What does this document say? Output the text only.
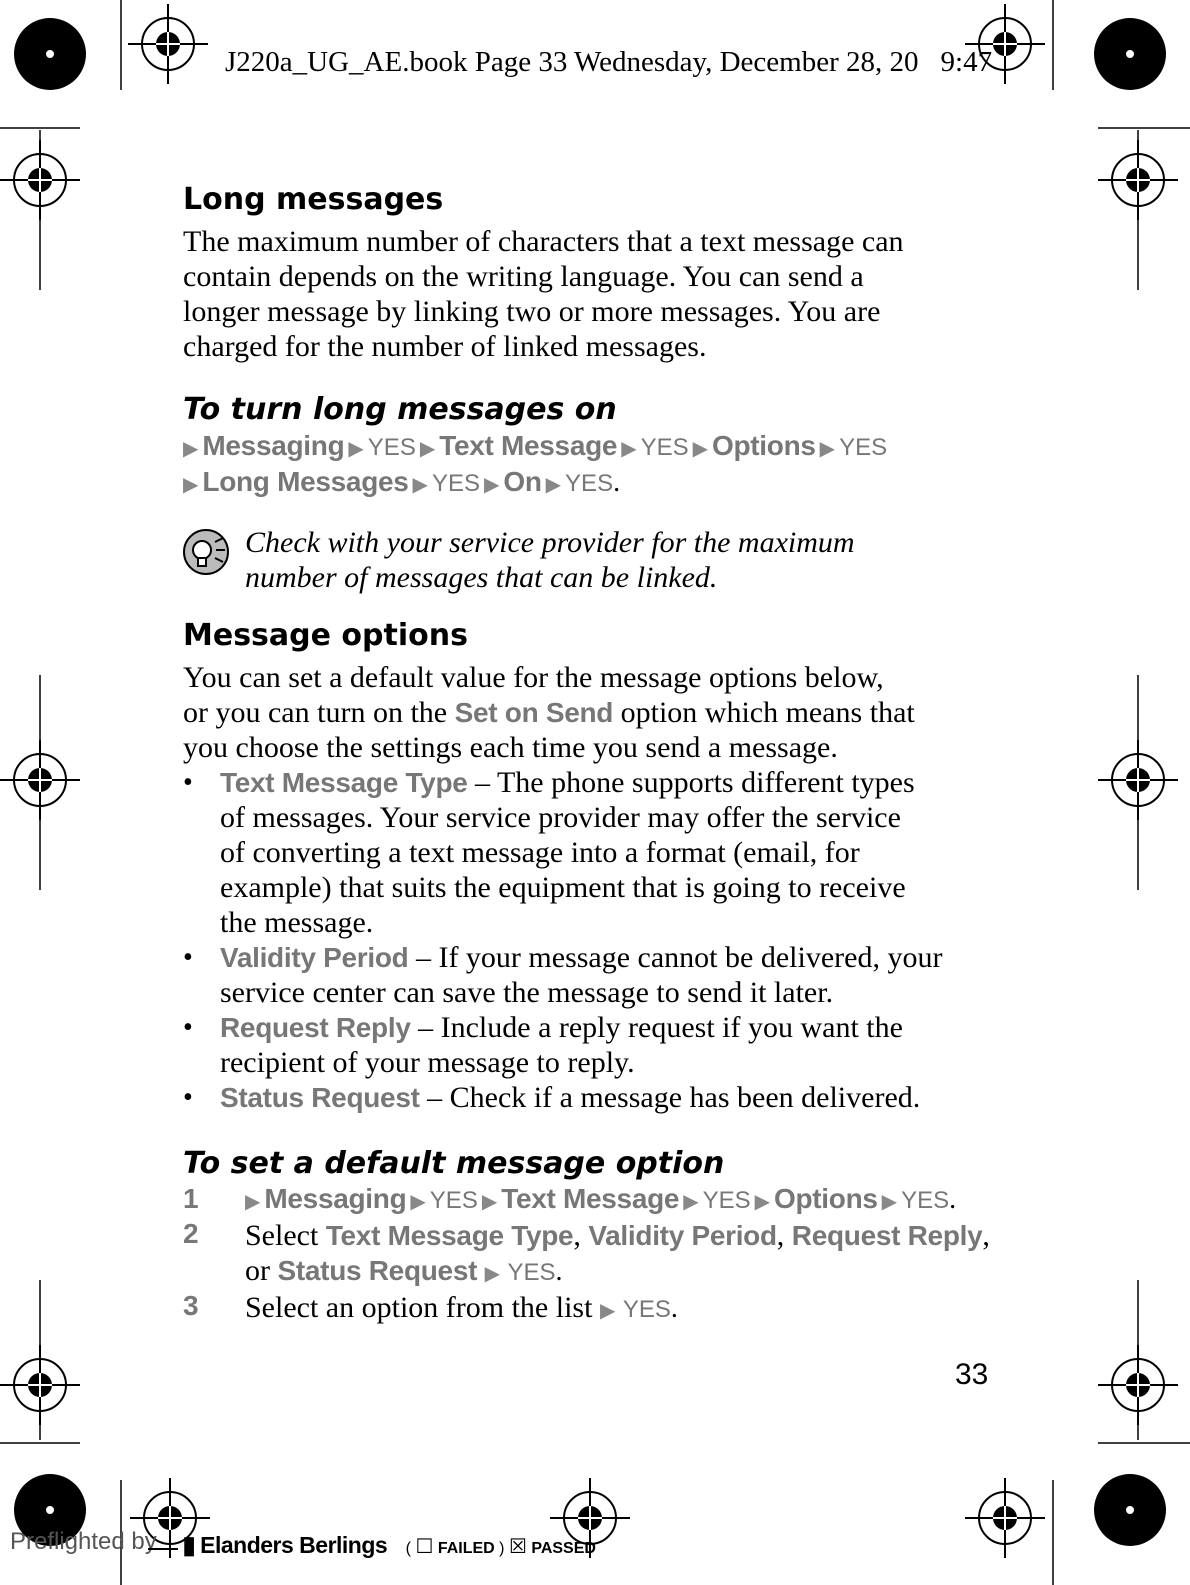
J220a_UG_AE.book Page 33 Wednesday, December 28, 20 9:47
Long messages
The maximum number of characters that a text message can
contain depends on the writing language. You can send a
longer message by linking two or more messages. You are
charged for the number of linked messages.
To turn long messages on
▶ Messaging ▶ YES ▶ Text Message ▶ YES ▶ Options ▶ YES
▶ Long Messages ▶ YES ▶ On ▶ YES.
Check with your service provider for the maximum
number of messages that can be linked.
Message options
You can set a default value for the message options below,
or you can turn on the Set on Send option which means that
you choose the settings each time you send a message.
• Text Message Type – The phone supports different types
of messages. Your service provider may offer the service
of converting a text message into a format (email, for
example) that suits the equipment that is going to receive
the message.
• Validity Period – If your message cannot be delivered, your
service center can save the message to send it later.
• Request Reply – Include a reply request if you want the
recipient of your message to reply.
• Status Request – Check if a message has been delivered.
To set a default message option
1 ▶ Messaging ▶ YES ▶ Text Message ▶ YES ▶ Options ▶ YES.
2 Select Text Message Type, Validity Period, Request Reply,
or Status Request ▶ YES.
3 Select an option from the list ▶ YES.
33
Preflighted by	▮ Elanders Berlings ( ☐ FAILED ) ☒ PASSED
